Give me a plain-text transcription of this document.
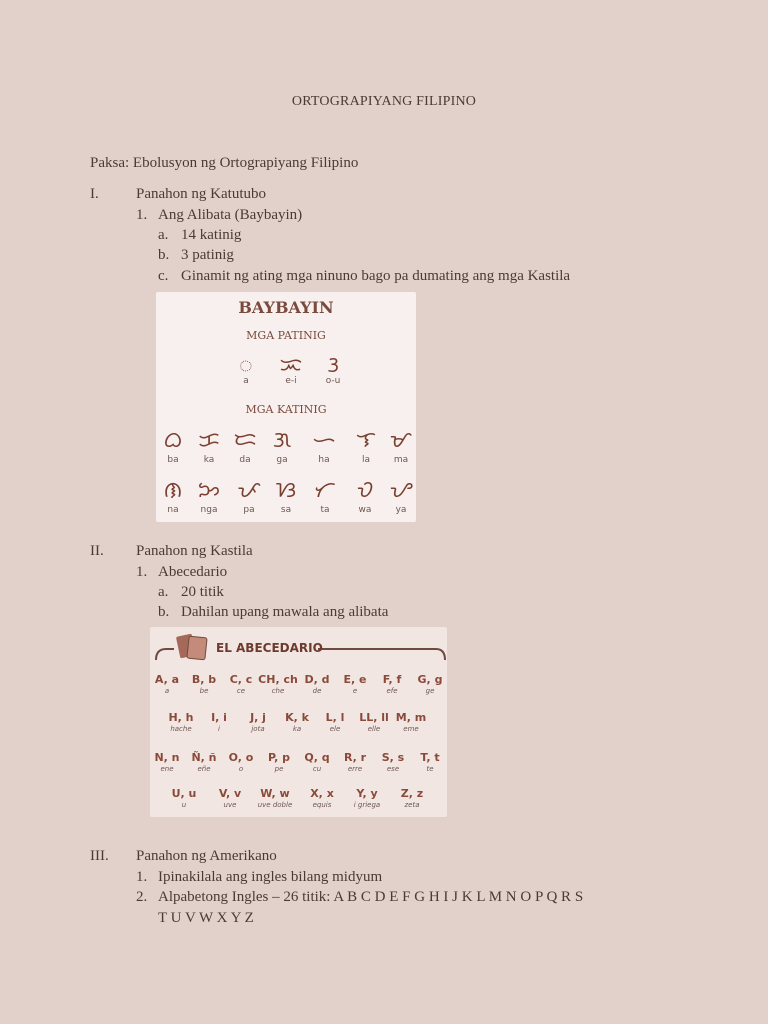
ORTOGRAPIYANG FILIPINO
Paksa: Ebolusyon ng Ortograpiyang Filipino
I. Panahon ng Katutubo
1. Ang Alibata (Baybayin)
a. 14 katinig
b. 3 patinig
c. Ginamit ng ating mga ninuno bago pa dumating ang mga Kastila
BAYBAYIN
MGA PATINIG
ᜀ	ᜁ	ᜂ
a	e-i	o-u
MGA KATINIG
ᜊ ᜃ ᜇ ᜄ ᜑ ᜎ ᜋ
ba	ka	da	ga	ha	la	ma
ᜈ ᜅ ᜉ ᜐ ᜆ ᜏ ᜌ
na	nga	pa	sa	ta	wa	ya
II. Panahon ng Kastila
1. Abecedario
a. 20 titik
b. Dahilan upang mawala ang alibata
EL ABECEDARIO
A, a	B, b	C, c CH, ch D, d	E, e	F, f	G, g
a	be	ce	che	de	e	efe	ge
H, h	I, i	J, j	K, k	L, l	LL, ll M, m
hache	i	jota	ka	ele	elle	eme
N, n	Ñ, ñ	O, o	P, p	Q, q	R, r	S, s	T, t
ene	eñe	o	pe	cu	erre	ese	te
U, u	V, v	W, w	X, x	Y, y	Z, z
u	uve	uve doble	equis	i griega	zeta
III. Panahon ng Amerikano
1. Ipinakilala ang ingles bilang midyum
2. Alpabetong Ingles – 26 titik: A B C D E F G H I J K L M N O P Q R S
T U V W X Y Z
